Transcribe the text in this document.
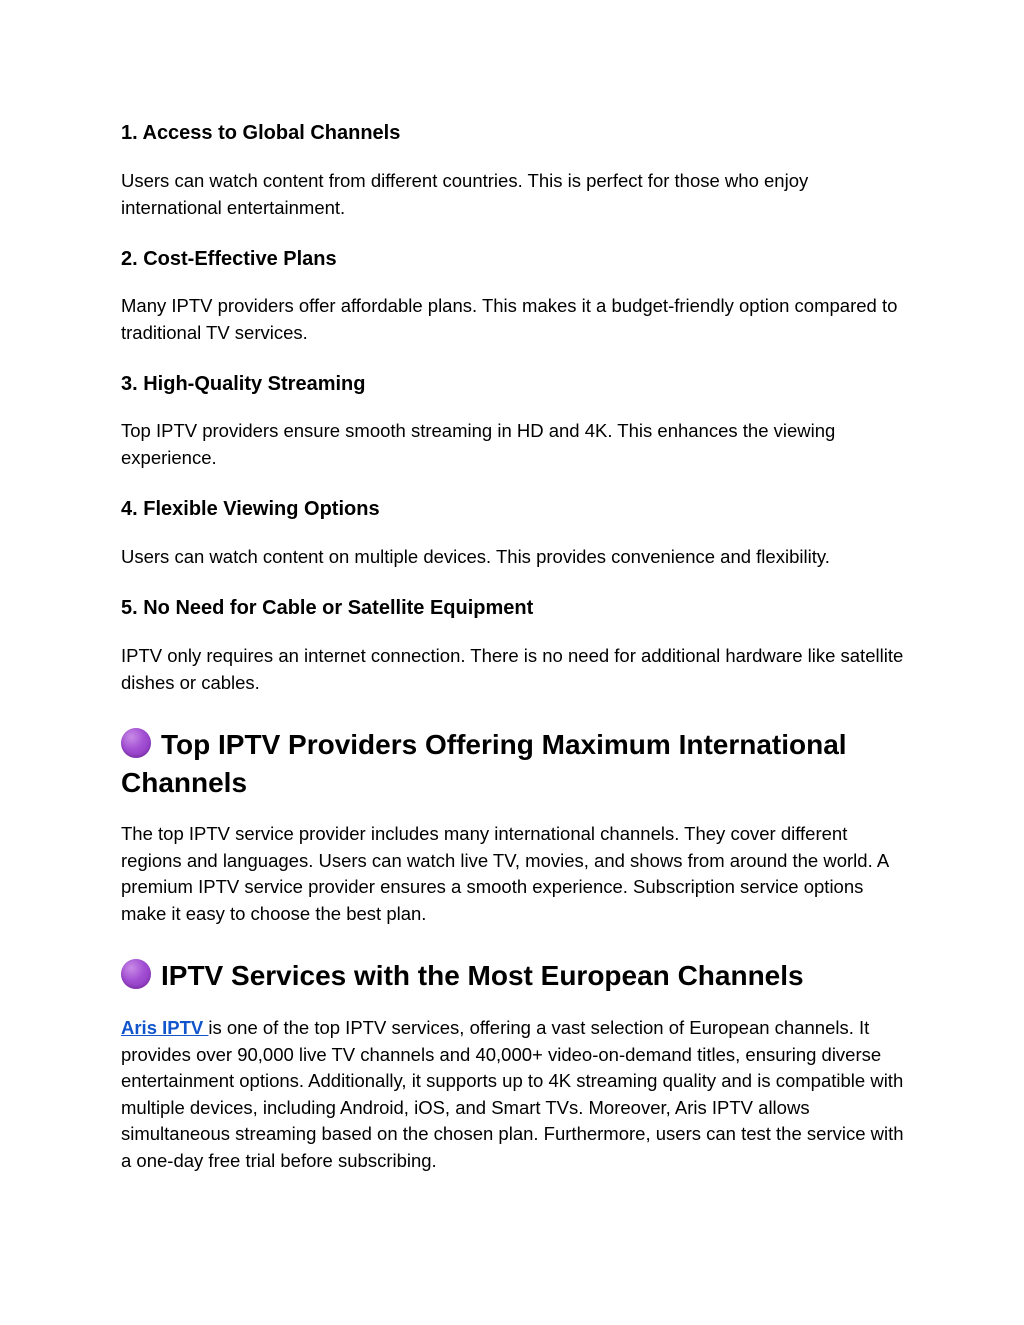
1. Access to Global Channels

Users can watch content from different countries. This is perfect for those who enjoy international entertainment.

2. Cost-Effective Plans

Many IPTV providers offer affordable plans. This makes it a budget-friendly option compared to traditional TV services.

3. High-Quality Streaming

Top IPTV providers ensure smooth streaming in HD and 4K. This enhances the viewing experience.

4. Flexible Viewing Options

Users can watch content on multiple devices. This provides convenience and flexibility.

5. No Need for Cable or Satellite Equipment

IPTV only requires an internet connection. There is no need for additional hardware like satellite dishes or cables.

Top IPTV Providers Offering Maximum International Channels

The top IPTV service provider includes many international channels. They cover different regions and languages. Users can watch live TV, movies, and shows from around the world. A premium IPTV service provider ensures a smooth experience. Subscription service options make it easy to choose the best plan.

IPTV Services with the Most European Channels

Aris IPTV is one of the top IPTV services, offering a vast selection of European channels. It provides over 90,000 live TV channels and 40,000+ video-on-demand titles, ensuring diverse entertainment options. Additionally, it supports up to 4K streaming quality and is compatible with multiple devices, including Android, iOS, and Smart TVs. Moreover, Aris IPTV allows simultaneous streaming based on the chosen plan. Furthermore, users can test the service with a one-day free trial before subscribing.
